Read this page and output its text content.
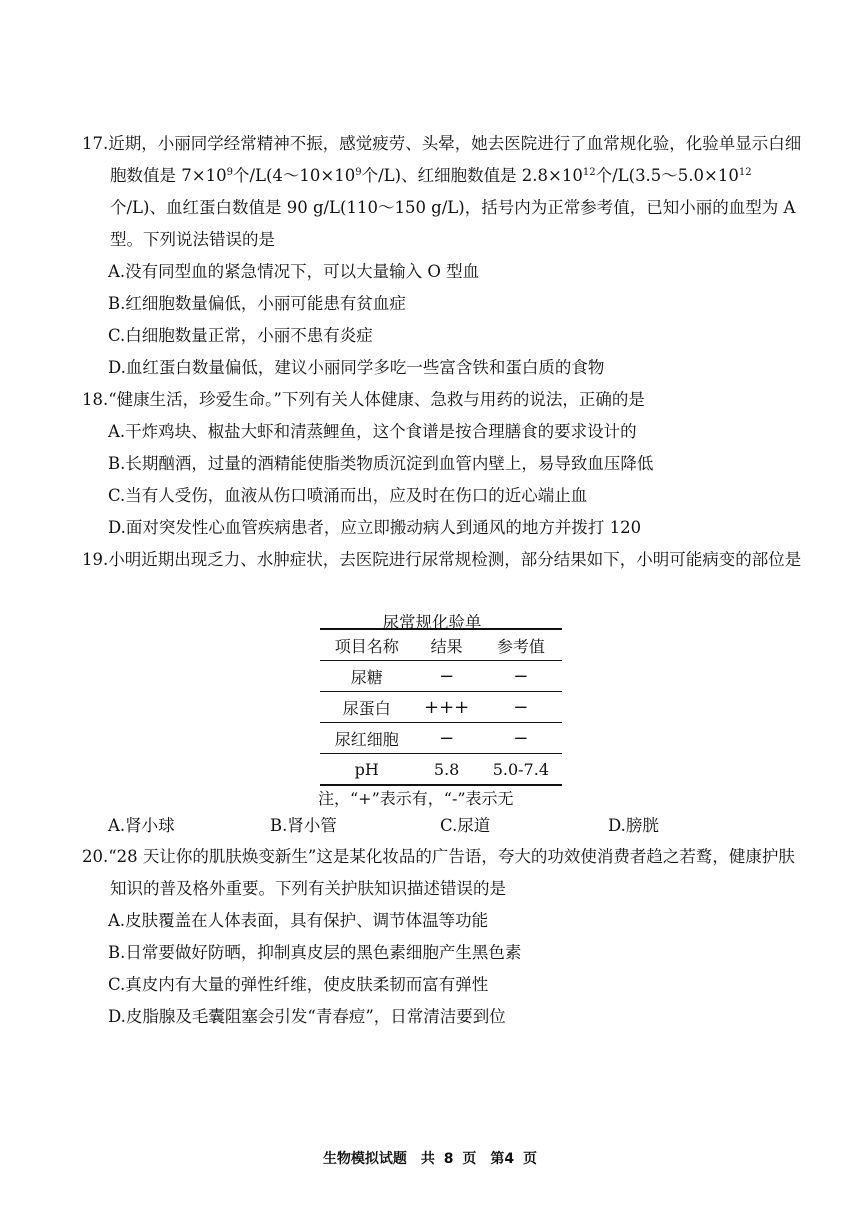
17.近期，小丽同学经常精神不振，感觉疲劳、头晕，她去医院进行了血常规化验，化验单显示白细胞数值是 $7\times 10^9$个$/L(4\sim 10\times 10^9$个/L)、红细胞数值是 $2.8\times 10^{12}$个$/L(3.5\sim 5.0\times 10^{12}$个/L)、血红蛋白数值是 90 g/L(110～150 g/L)，括号内为正常参考值，已知小丽的血型为 A 型。下列说法错误的是

A.没有同型血的紧急情况下，可以大量输入 O 型血

B.红细胞数量偏低，小丽可能患有贫血症

C.白细胞数量正常，小丽不患有炎症

D.血红蛋白数量偏低，建议小丽同学多吃一些富含铁和蛋白质的食物

18.“健康生活，珍爱生命。”下列有关人体健康、急救与用药的说法，正确的是

A.干炸鸡块、椒盐大虾和清蒸鲤鱼，这个食谱是按合理膳食的要求设计的

B.长期酗酒，过量的酒精能使脂类物质沉淀到血管内壁上，易导致血压降低

C.当有人受伤，血液从伤口喷涌而出，应及时在伤口的近心端止血

D.面对突发性心血管疾病患者，应立即搬动病人到通风的地方并拨打 120

19.小明近期出现乏力、水肿症状，去医院进行尿常规检测，部分结果如下，小明可能病变的部位是

尿常规化验单
项目名称	结果	参考值
尿糖	−	−
尿蛋白	+++	−
尿红细胞	−	−
pH	5.8	5.0-7.4
注，“+”表示有，“-”表示无
A.肾小球	B.肾小管	C.尿道	D.膀胱

20.“28 天让你的肌肤焕变新生”这是某化妆品的广告语，夸大的功效使消费者趋之若鹜，健康护肤知识的普及格外重要。下列有关护肤知识描述错误的是

A.皮肤覆盖在人体表面，具有保护、调节体温等功能

B.日常要做好防晒，抑制真皮层的黑色素细胞产生黑色素

C.真皮内有大量的弹性纤维，使皮肤柔韧而富有弹性

D.皮脂腺及毛囊阻塞会引发“青春痘”，日常清洁要到位

生物模拟试题　共 8 页　第4 页
